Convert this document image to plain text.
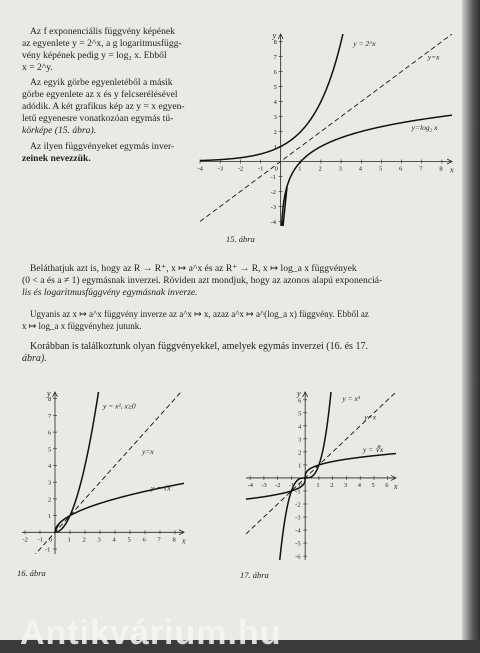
Az f exponenciális függvény képének
az egyenlete y = 2^x, a g logaritmusfügg-
vény képének pedig y = log₂ x. Ebből
x = 2^y.
Az egyik görbe egyenletéből a másik
görbe egyenlete az x és y felcserélésével
adódik. A két grafikus kép az y = x egyen-
letű egyenesre vonatkozóan egymás tü-
körképe (15. ábra).
Az ilyen függvényeket egymás inver-
zeinek nevezzük.
x
y
-4 -3 -2 -1 0	1	2	3	4	5	6	7	8
8
7
6
5
4
3
2
1
-1
-2
-3
-4
y = 2^x
y=x
y=log₂ x
15. ábra
Beláthatjuk azt is, hogy az R → R⁺, x ↦ a^x és az R⁺ → R, x ↦ log_a x függvények
(0 < a és a ≠ 1) egymásnak inverzei. Röviden azt mondjuk, hogy az azonos alapú exponenciá-
lis és logaritmusfüggvény egymásnak inverze.
Ugyanis az x ↦ a^x függvény inverze az a^x ↦ x, azaz a^x ↦ a^(log_a x) függvény. Ebből az
x ↦ log_a x függvényhez jutunk.
Korábban is találkoztunk olyan függvényekkel, amelyek egymás inverzei (16. és 17.
ábra).
x
y
-2 -1 0 1 2 3 4 5 6 7 8
8
7
6
5
4
3
2
1
-1
y = x², x≥0
y=x
y = √x
16. ábra
x
y
-4 -3 -2 -1 0 1 2 3 4 5 6
6
5
4
3
2
1
-1
-2
-3
-4
-5
-6
y = x³
y=x
y = ∛x
17. ábra
Antikvárium.hu
